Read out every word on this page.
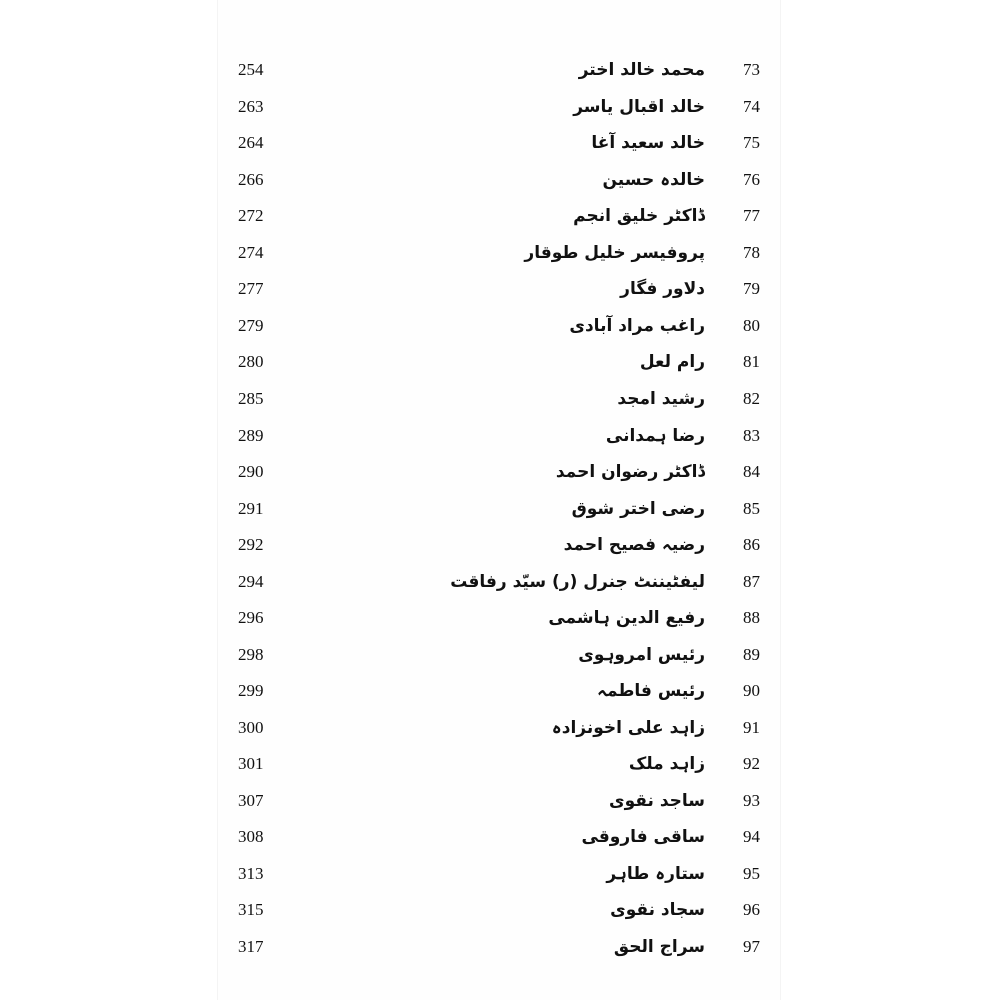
254	محمد خالد اختر	73
263	خالد اقبال یاسر	74
264	خالد سعید آغا	75
266	خالدہ حسین	76
272	ڈاکٹر خلیق انجم	77
274	پروفیسر خلیل طوقار	78
277	دلاور فگار	79
279	راغب مراد آبادی	80
280	رام لعل	81
285	رشید امجد	82
289	رضا ہمدانی	83
290	ڈاکٹر رضوان احمد	84
291	رضی اختر شوق	85
292	رضیہ فصیح احمد	86
294	لیفٹیننٹ جنرل (ر) سیّد رفاقت	87
296	رفیع الدین ہاشمی	88
298	رئیس امروہوی	89
299	رئیس فاطمہ	90
300	زاہد علی اخونزادہ	91
301	زاہد ملک	92
307	ساجد نقوی	93
308	ساقی فاروقی	94
313	ستارہ طاہر	95
315	سجاد نقوی	96
317	سراج الحق	97
